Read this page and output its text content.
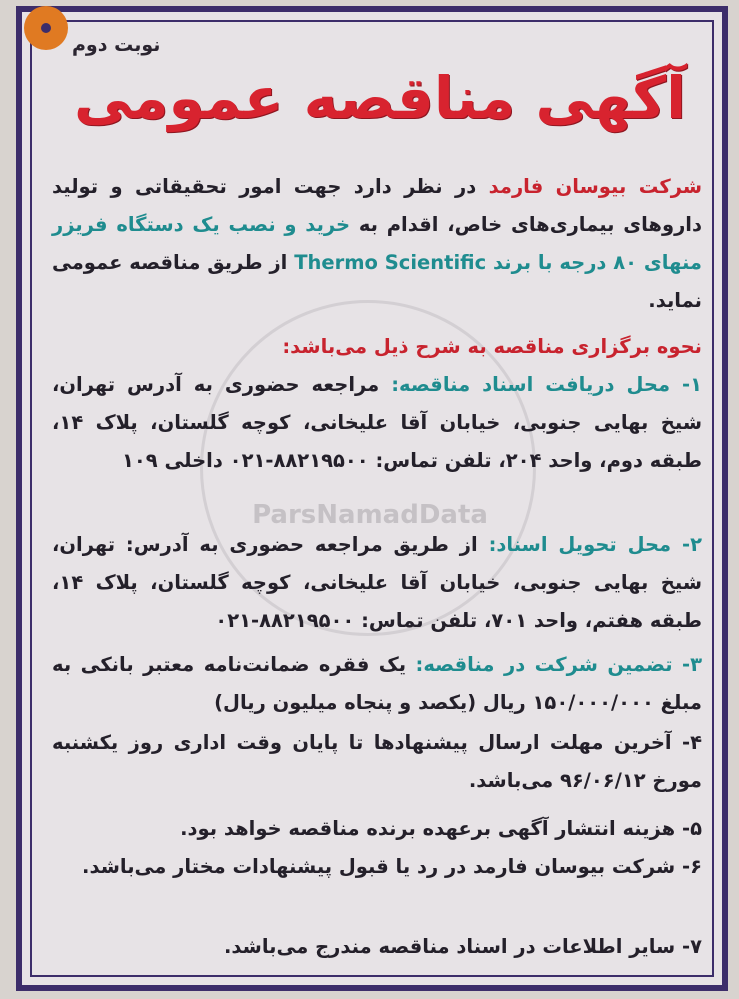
نوبت دوم
آگهی مناقصه عمومی
شرکت بیوسان فارمد در نظر دارد جهت امور تحقیقاتی و تولید داروهای بیماری‌های خاص، اقدام به خرید و نصب یک دستگاه فریزر منهای ۸۰ درجه با برند Thermo Scientific از طریق مناقصه عمومی نماید.
نحوه برگزاری مناقصه به شرح ذیل می‌باشد:
۱- محل دریافت اسناد مناقصه: مراجعه حضوری به آدرس تهران، شیخ بهایی جنوبی، خیابان آقا علیخانی، کوچه گلستان، پلاک ۱۴، طبقه دوم، واحد ۲۰۴، تلفن تماس: ۸۸۲۱۹۵۰۰-۰۲۱ داخلی ۱۰۹
۲- محل تحویل اسناد: از طریق مراجعه حضوری به آدرس: تهران، شیخ بهایی جنوبی، خیابان آقا علیخانی، کوچه گلستان، پلاک ۱۴، طبقه هفتم، واحد ۷۰۱، تلفن تماس: ۸۸۲۱۹۵۰۰-۰۲۱
۳- تضمین شرکت در مناقصه: یک فقره ضمانت‌نامه معتبر بانکی به مبلغ ۱۵۰/۰۰۰/۰۰۰ ریال (یکصد و پنجاه میلیون ریال)
۴- آخرین مهلت ارسال پیشنهادها تا پایان وقت اداری روز یکشنبه مورخ ۹۶/۰۶/۱۲ می‌باشد.
۵- هزینه انتشار آگهی برعهده برنده مناقصه خواهد بود.
۶- شرکت بیوسان فارمد در رد یا قبول پیشنهادات مختار می‌باشد.
۷- سایر اطلاعات در اسناد مناقصه مندرج می‌باشد.
ParsNamadData
